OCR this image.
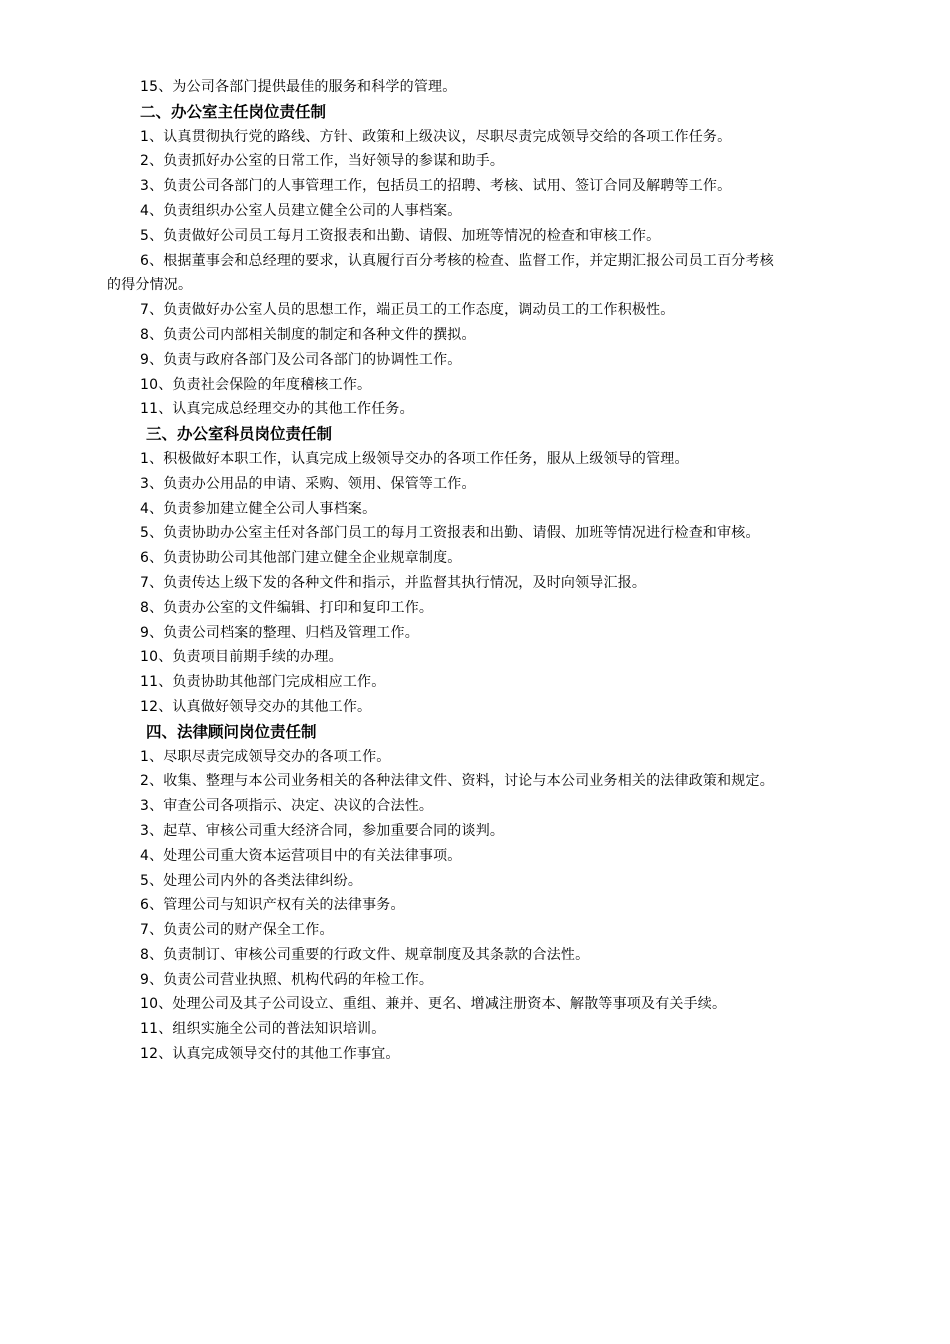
15、为公司各部门提供最佳的服务和科学的管理。
二、办公室主任岗位责任制
1、认真贯彻执行党的路线、方针、政策和上级决议，尽职尽责完成领导交给的各项工作任务。
2、负责抓好办公室的日常工作，当好领导的参谋和助手。
3、负责公司各部门的人事管理工作，包括员工的招聘、考核、试用、签订合同及解聘等工作。
4、负责组织办公室人员建立健全公司的人事档案。
5、负责做好公司员工每月工资报表和出勤、请假、加班等情况的检查和审核工作。
6、根据董事会和总经理的要求，认真履行百分考核的检查、监督工作，并定期汇报公司员工百分考核
的得分情况。
7、负责做好办公室人员的思想工作，端正员工的工作态度，调动员工的工作积极性。
8、负责公司内部相关制度的制定和各种文件的撰拟。
9、负责与政府各部门及公司各部门的协调性工作。
10、负责社会保险的年度稽核工作。
11、认真完成总经理交办的其他工作任务。
三、办公室科员岗位责任制
1、积极做好本职工作，认真完成上级领导交办的各项工作任务，服从上级领导的管理。
3、负责办公用品的申请、采购、领用、保管等工作。
4、负责参加建立健全公司人事档案。
5、负责协助办公室主任对各部门员工的每月工资报表和出勤、请假、加班等情况进行检查和审核。
6、负责协助公司其他部门建立健全企业规章制度。
7、负责传达上级下发的各种文件和指示，并监督其执行情况，及时向领导汇报。
8、负责办公室的文件编辑、打印和复印工作。
9、负责公司档案的整理、归档及管理工作。
10、负责项目前期手续的办理。
11、负责协助其他部门完成相应工作。
12、认真做好领导交办的其他工作。
四、法律顾问岗位责任制
1、尽职尽责完成领导交办的各项工作。
2、收集、整理与本公司业务相关的各种法律文件、资料，讨论与本公司业务相关的法律政策和规定。
3、审查公司各项指示、决定、决议的合法性。
3、起草、审核公司重大经济合同，参加重要合同的谈判。
4、处理公司重大资本运营项目中的有关法律事项。
5、处理公司内外的各类法律纠纷。
6、管理公司与知识产权有关的法律事务。
7、负责公司的财产保全工作。
8、负责制订、审核公司重要的行政文件、规章制度及其条款的合法性。
9、负责公司营业执照、机构代码的年检工作。
10、处理公司及其子公司设立、重组、兼并、更名、增减注册资本、解散等事项及有关手续。
11、组织实施全公司的普法知识培训。
12、认真完成领导交付的其他工作事宜。
